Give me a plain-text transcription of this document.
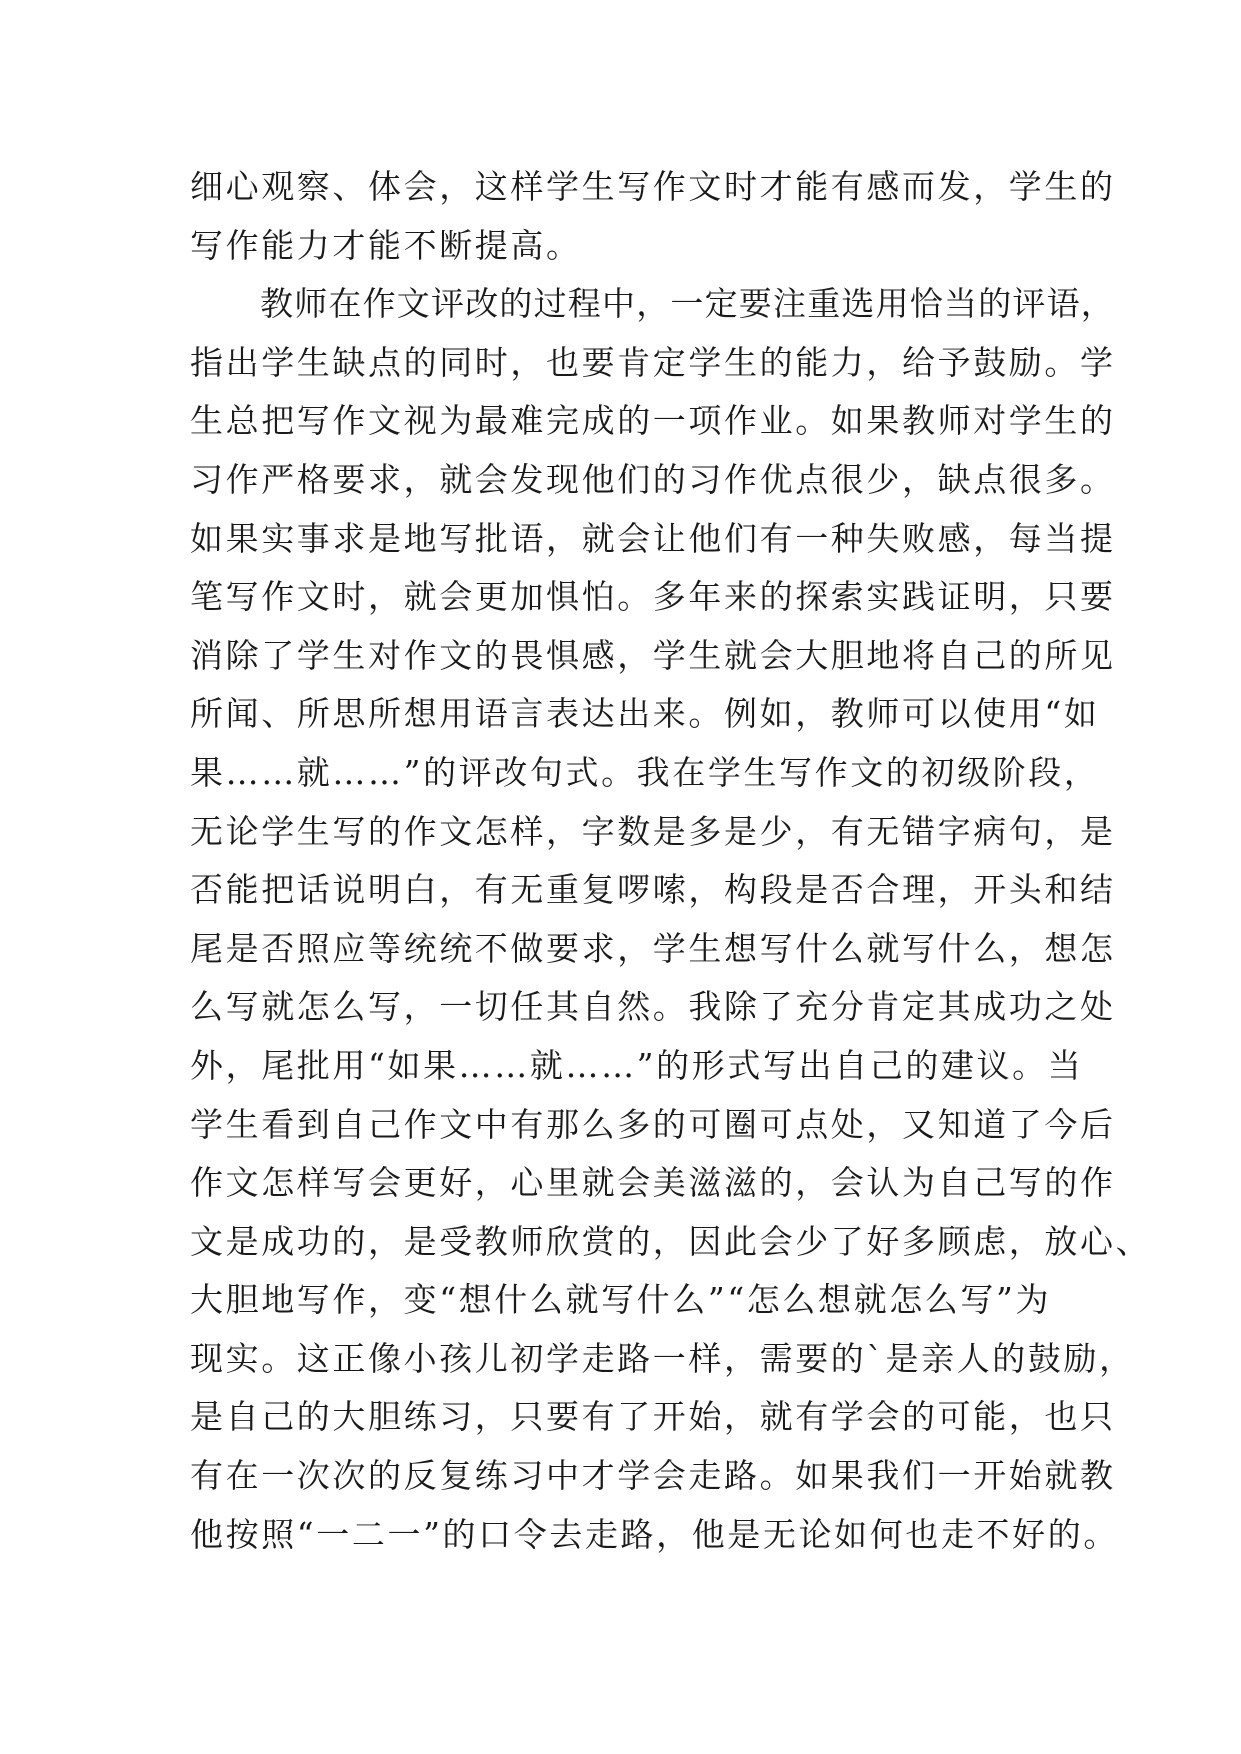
细心观察、体会，这样学生写作文时才能有感而发，学生的
写作能力才能不断提高。
教师在作文评改的过程中，一定要注重选用恰当的评语，
指出学生缺点的同时，也要肯定学生的能力，给予鼓励。学
生总把写作文视为最难完成的一项作业。如果教师对学生的
习作严格要求，就会发现他们的习作优点很少，缺点很多。
如果实事求是地写批语，就会让他们有一种失败感，每当提
笔写作文时，就会更加惧怕。多年来的探索实践证明，只要
消除了学生对作文的畏惧感，学生就会大胆地将自己的所见
所闻、所思所想用语言表达出来。例如，教师可以使用“如
果……就……”的评改句式。我在学生写作文的初级阶段，
无论学生写的作文怎样，字数是多是少，有无错字病句，是
否能把话说明白，有无重复啰嗦，构段是否合理，开头和结
尾是否照应等统统不做要求，学生想写什么就写什么，想怎
么写就怎么写，一切任其自然。我除了充分肯定其成功之处
外，尾批用“如果……就……”的形式写出自己的建议。当
学生看到自己作文中有那么多的可圈可点处，又知道了今后
作文怎样写会更好，心里就会美滋滋的，会认为自己写的作
文是成功的，是受教师欣赏的，因此会少了好多顾虑，放心、
大胆地写作，变“想什么就写什么”“怎么想就怎么写”为
现实。这正像小孩儿初学走路一样，需要的`是亲人的鼓励，
是自己的大胆练习，只要有了开始，就有学会的可能，也只
有在一次次的反复练习中才学会走路。如果我们一开始就教
他按照“一二一”的口令去走路，他是无论如何也走不好的。
